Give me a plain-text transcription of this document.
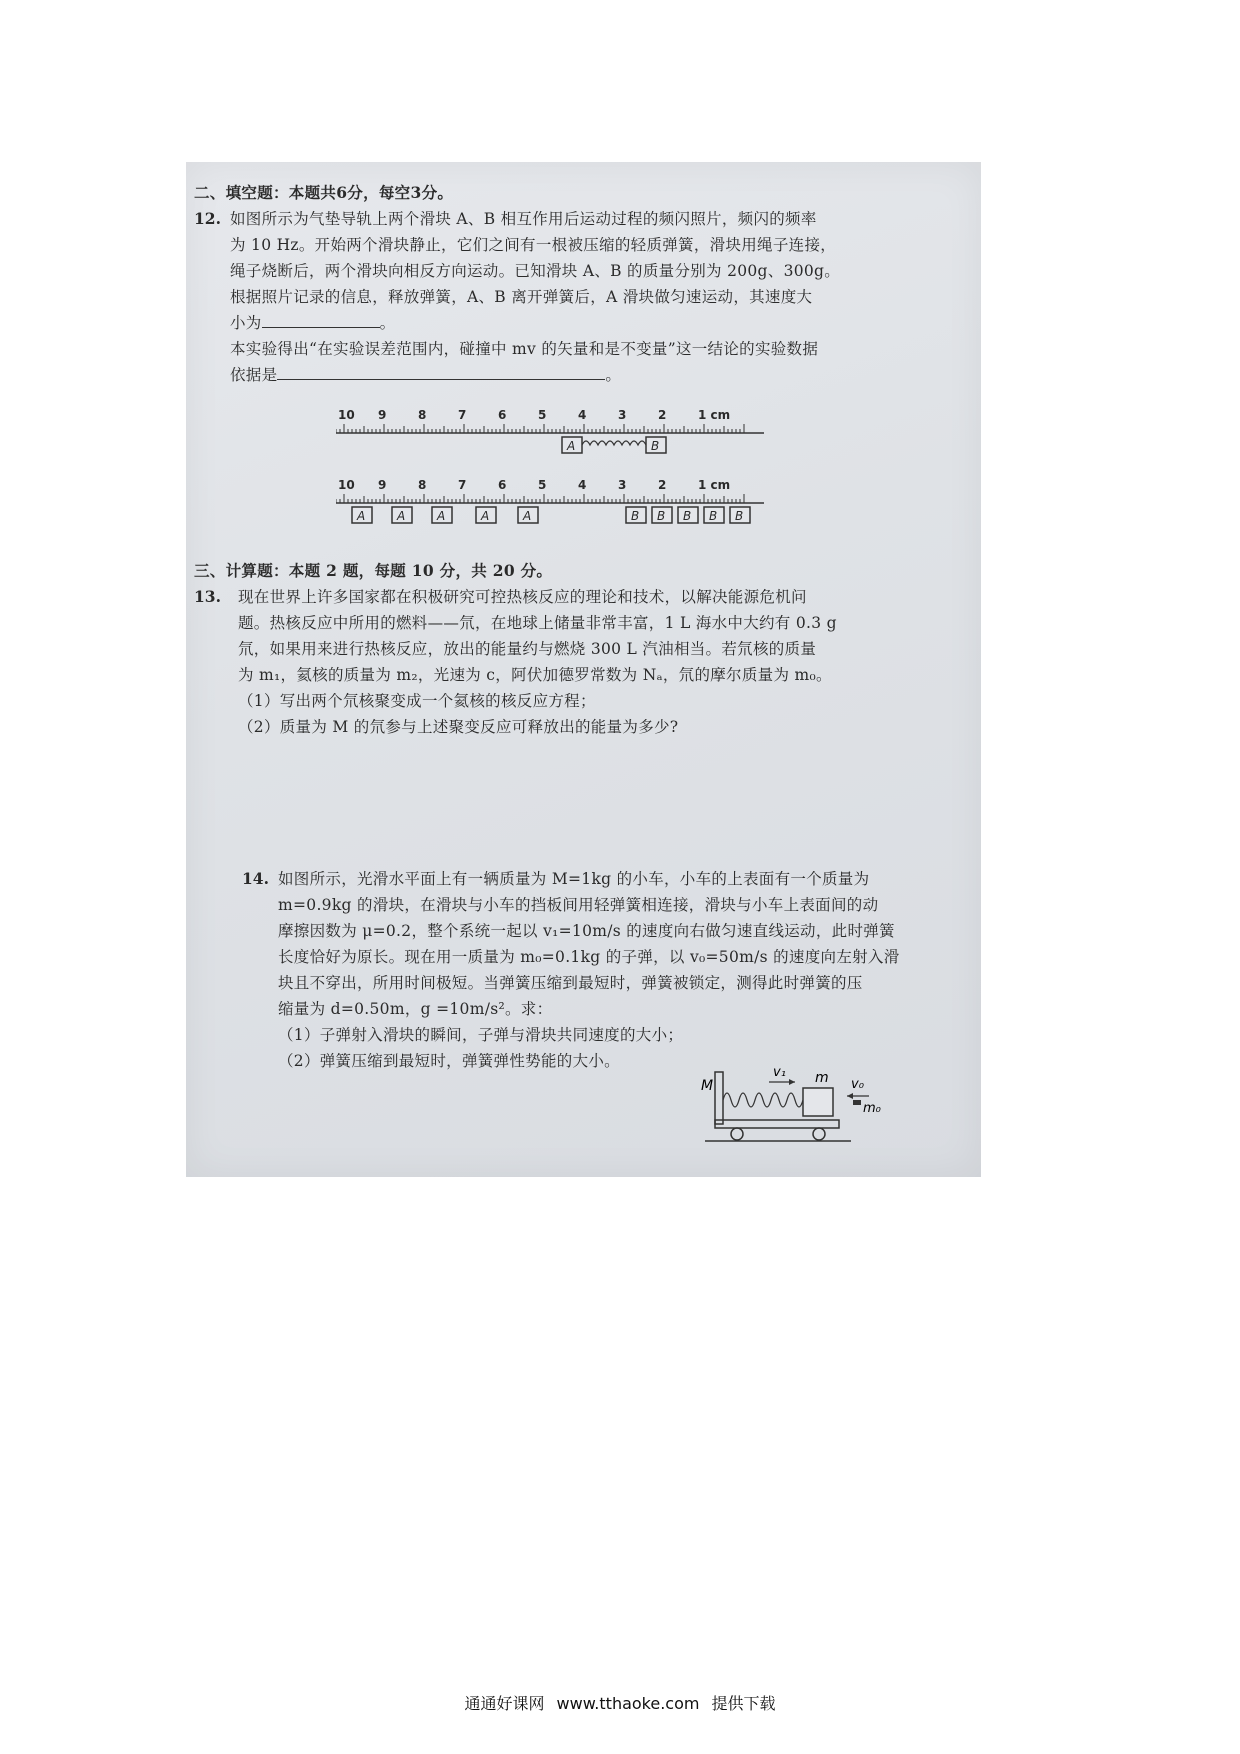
二、填空题：本题共6分，每空3分。
12. 如图所示为气垫导轨上两个滑块 A、B 相互作用后运动过程的频闪照片，频闪的频率
为 10 Hz。开始两个滑块静止，它们之间有一根被压缩的轻质弹簧，滑块用绳子连接，
绳子烧断后，两个滑块向相反方向运动。已知滑块 A、B 的质量分别为 200g、300g。
根据照片记录的信息，释放弹簧，A、B 离开弹簧后，A 滑块做匀速运动，其速度大
小为	。
本实验得出“在实验误差范围内，碰撞中 mv 的矢量和是不变量”这一结论的实验数据
依据是	。
10 9	8	7	6	5	4	3	2	1 cm
A	B
10 9	8	7	6	5	4	3	2	1 cm
A	A	A	A	A	B B B B B
三、计算题：本题 2 题，每题 10 分，共 20 分。
13. 现在世界上许多国家都在积极研究可控热核反应的理论和技术，以解决能源危机问
题。热核反应中所用的燃料——氘，在地球上储量非常丰富，1 L 海水中大约有 0.3 g
氘，如果用来进行热核反应，放出的能量约与燃烧 300 L 汽油相当。若氘核的质量
为 m₁，氦核的质量为 m₂，光速为 c，阿伏加德罗常数为 Nₐ，氘的摩尔质量为 m₀。
（1）写出两个氘核聚变成一个氦核的核反应方程；
（2）质量为 M 的氘参与上述聚变反应可释放出的能量为多少?
14. 如图所示，光滑水平面上有一辆质量为 M=1kg 的小车，小车的上表面有一个质量为
m=0.9kg 的滑块，在滑块与小车的挡板间用轻弹簧相连接，滑块与小车上表面间的动
摩擦因数为 μ=0.2，整个系统一起以 v₁=10m/s 的速度向右做匀速直线运动，此时弹簧
长度恰好为原长。现在用一质量为 m₀=0.1kg 的子弹，以 v₀=50m/s 的速度向左射入滑
块且不穿出，所用时间极短。当弹簧压缩到最短时，弹簧被锁定，测得此时弹簧的压
缩量为 d=0.50m，g =10m/s²。求：
（1）子弹射入滑块的瞬间，子弹与滑块共同速度的大小；
（2）弹簧压缩到最短时，弹簧弹性势能的大小。
M
v₁ m v₀
m₀
通通好课网 www.tthaoke.com 提供下载
